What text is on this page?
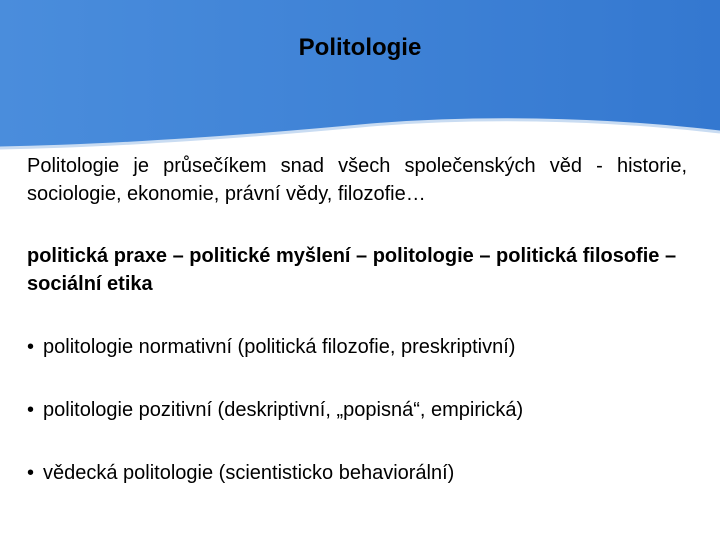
Politologie
Politologie je průsečíkem snad všech společenských věd - historie, sociologie, ekonomie, právní vědy, filozofie…
politická praxe – politické myšlení – politologie – politická filosofie – sociální etika
• politologie normativní (politická filozofie, preskriptivní)
• politologie pozitivní (deskriptivní, „popisná“, empirická)
• vědecká politologie (scientisticko behaviorální)
